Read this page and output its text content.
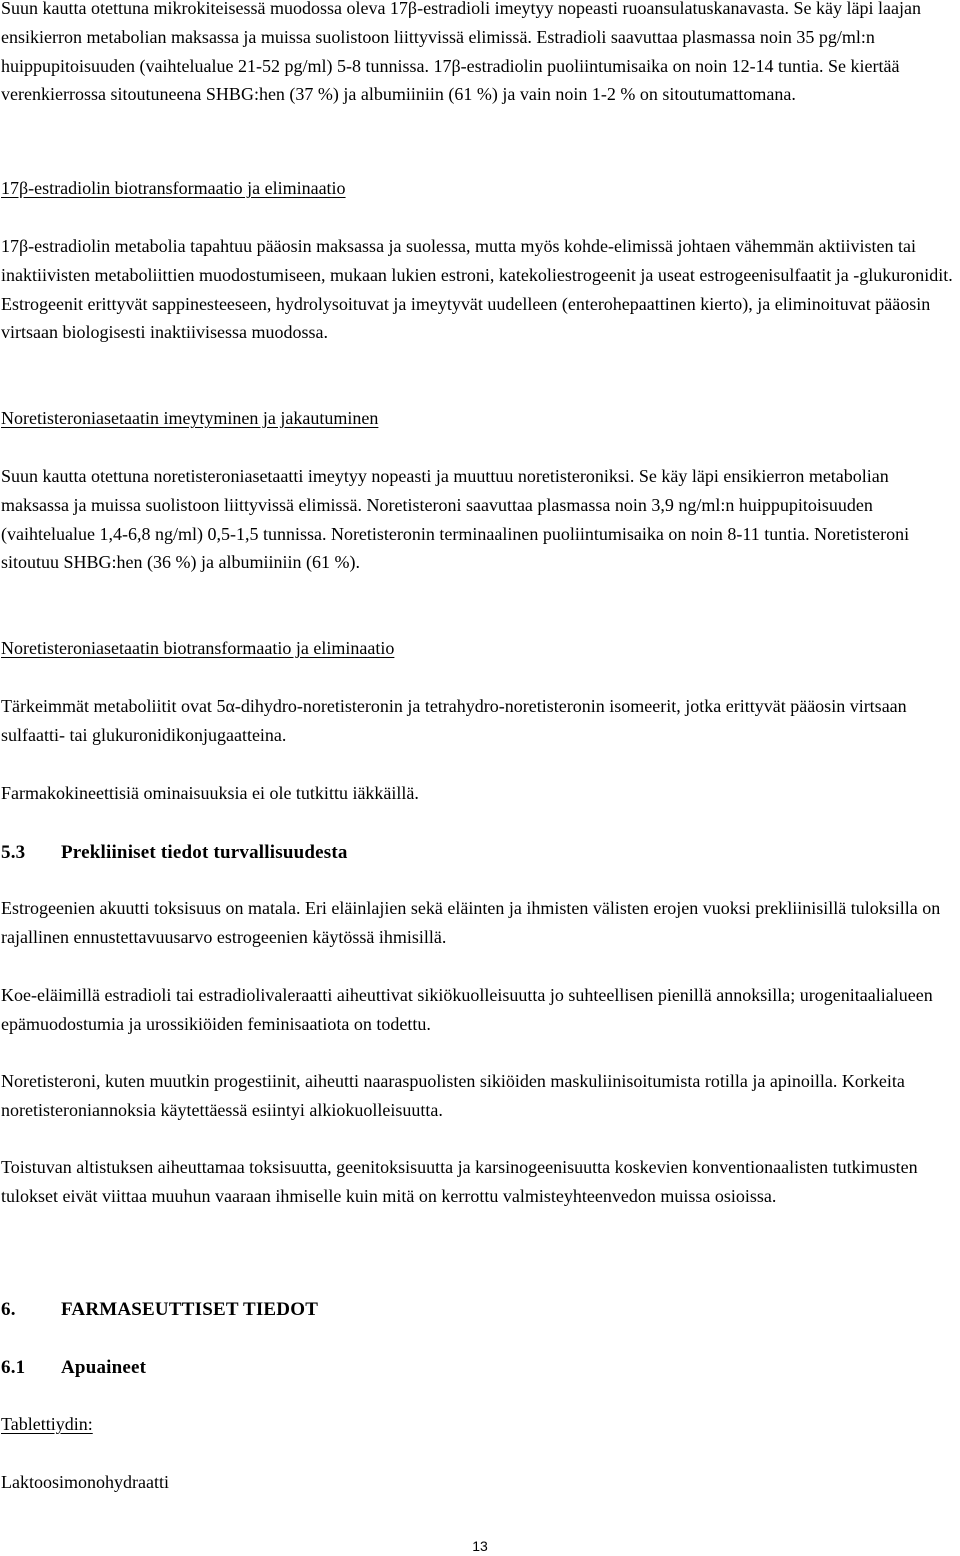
Suun kautta otettuna mikrokiteisessä muodossa oleva 17β-estradioli imeytyy nopeasti ruoansulatuskanavasta. Se käy läpi laajan ensikierron metabolian maksassa ja muissa suolistoon liittyvissä elimissä. Estradioli saavuttaa plasmassa noin 35 pg/ml:n huippupitoisuuden (vaihtelualue 21-52 pg/ml) 5-8 tunnissa. 17β-estradiolin puoliintumisaika on noin 12-14 tuntia. Se kiertää verenkierrossa sitoutuneena SHBG:hen (37 %) ja albumiiniin (61 %) ja vain noin 1-2 % on sitoutumattomana.

17β-estradiolin biotransformaatio ja eliminaatio

17β-estradiolin metabolia tapahtuu pääosin maksassa ja suolessa, mutta myös kohde-elimissä johtaen vähemmän aktiivisten tai inaktiivisten metaboliittien muodostumiseen, mukaan lukien estroni, katekoliestrogeenit ja useat estrogeenisulfaatit ja -glukuronidit. Estrogeenit erittyvät sappinesteeseen, hydrolysoituvat ja imeytyvät uudelleen (enterohepaattinen kierto), ja eliminoituvat pääosin virtsaan biologisesti inaktiivisessa muodossa.

Noretisteroniasetaatin imeytyminen ja jakautuminen

Suun kautta otettuna noretisteroniasetaatti imeytyy nopeasti ja muuttuu noretisteroniksi. Se käy läpi ensikierron metabolian maksassa ja muissa suolistoon liittyvissä elimissä. Noretisteroni saavuttaa plasmassa noin 3,9 ng/ml:n huippupitoisuuden (vaihtelualue 1,4-6,8 ng/ml) 0,5-1,5 tunnissa. Noretisteronin terminaalinen puoliintumisaika on noin 8-11 tuntia. Noretisteroni sitoutuu SHBG:hen (36 %) ja albumiiniin (61 %).

Noretisteroniasetaatin biotransformaatio ja eliminaatio

Tärkeimmät metaboliitit ovat 5α-dihydro-noretisteronin ja tetrahydro-noretisteronin isomeerit, jotka erittyvät pääosin virtsaan sulfaatti- tai glukuronidikonjugaatteina.

Farmakokineettisiä ominaisuuksia ei ole tutkittu iäkkäillä.

5.3 Prekliiniset tiedot turvallisuudesta

Estrogeenien akuutti toksisuus on matala. Eri eläinlajien sekä eläinten ja ihmisten välisten erojen vuoksi prekliinisillä tuloksilla on rajallinen ennustettavuusarvo estrogeenien käytössä ihmisillä.

Koe-eläimillä estradioli tai estradiolivaleraatti aiheuttivat sikiökuolleisuutta jo suhteellisen pienillä annoksilla; urogenitaalialueen epämuodostumia ja urossikiöiden feminisaatiota on todettu.

Noretisteroni, kuten muutkin progestiinit, aiheutti naaraspuolisten sikiöiden maskuliinisoitumista rotilla ja apinoilla. Korkeita noretisteroniannoksia käytettäessä esiintyi alkiokuolleisuutta.

Toistuvan altistuksen aiheuttamaa toksisuutta, geenitoksisuutta ja karsinogeenisuutta koskevien konventionaalisten tutkimusten tulokset eivät viittaa muuhun vaaraan ihmiselle kuin mitä on kerrottu valmisteyhteenvedon muissa osioissa.

6. FARMASEUTTISET TIEDOT

6.1 Apuaineet

Tablettiydin:

Laktoosimonohydraatti

13
